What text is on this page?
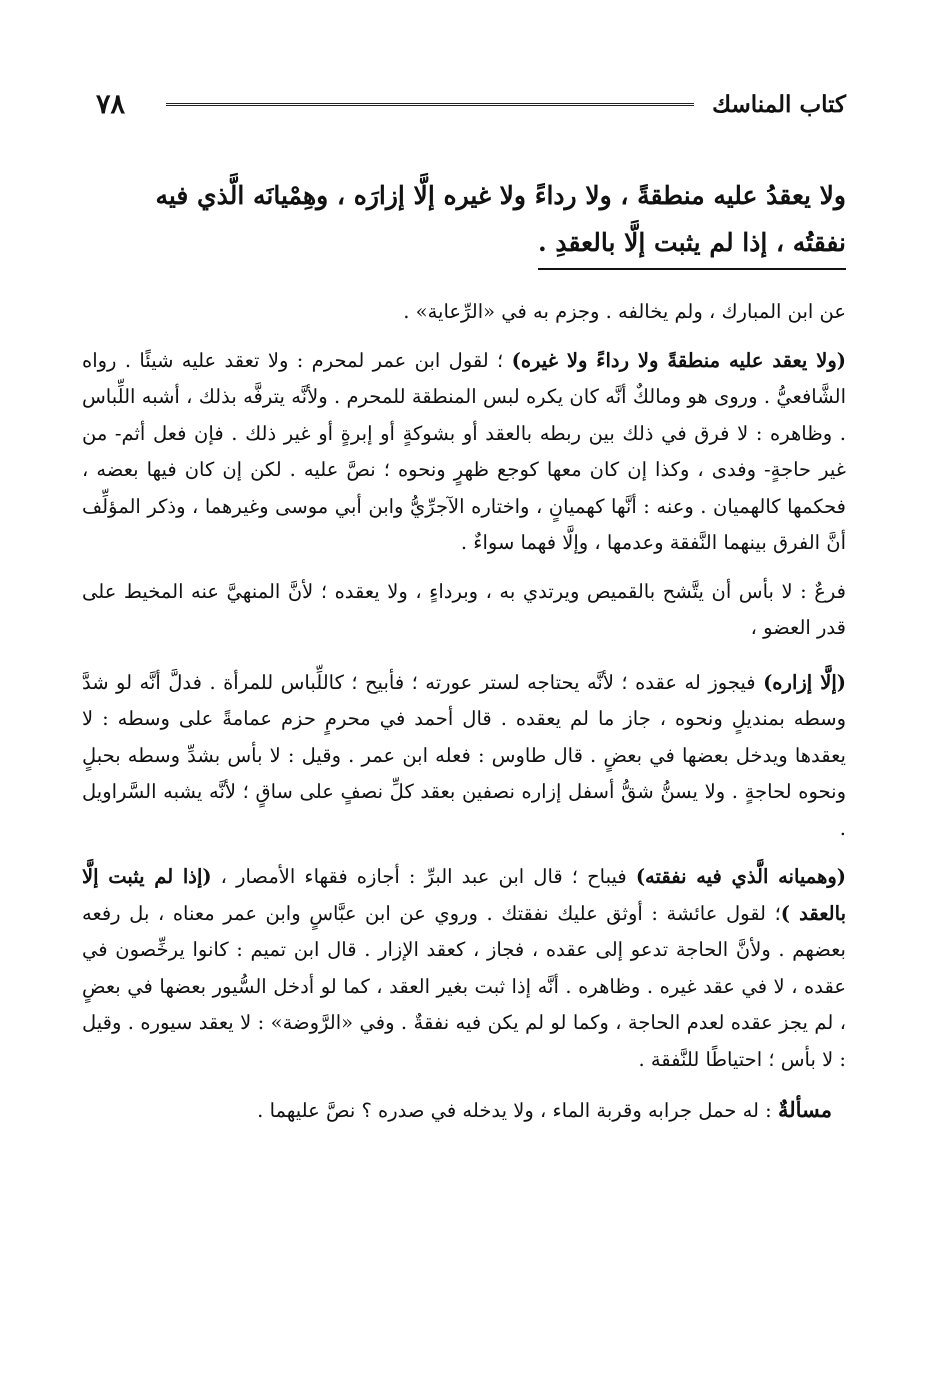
٧٨	كتاب المناسك

ولا يعقدُ عليه منطقةً ، ولا رداءً ولا غيره إلَّا إزارَه ، وهِمْيانَه الَّذي فيه
نفقتُه ، إذا لم يثبت إلَّا بالعقدِ .

عن ابن المبارك ، ولم يخالفه . وجزم به في «الرِّعاية» .

(ولا يعقد عليه منطقةً ولا رداءً ولا غيره) ؛ لقول ابن عمر لمحرم : ولا تعقد عليه شيئًا . رواه الشَّافعيُّ . وروى هو ومالكٌ أنَّه كان يكره لبس المنطقة للمحرم . ولأنَّه يترفَّه بذلك ، أشبه اللِّباس . وظاهره : لا فرق في ذلك بين ربطه بالعقد أو بشوكةٍ أو إبرةٍ أو غير ذلك . فإن فعل أثم- من غير حاجةٍ- وفدى ، وكذا إن كان معها كوجع ظهرٍ ونحوه ؛ نصَّ عليه . لكن إن كان فيها بعضه ، فحكمها كالهميان . وعنه : أنَّها كهميانٍ ، واختاره الآجرِّيُّ وابن أبي موسى وغيرهما ، وذكر المؤلِّف أنَّ الفرق بينهما النَّفقة وعدمها ، وإلَّا فهما سواءٌ .

فرعٌ : لا بأس أن يتَّشح بالقميص ويرتدي به ، وبرداءٍ ، ولا يعقده ؛ لأنَّ المنهيَّ عنه المخيط على قدر العضو ،

(إلَّا إزاره) فيجوز له عقده ؛ لأنَّه يحتاجه لستر عورته ؛ فأبيح ؛ كاللِّباس للمرأة . فدلَّ أنَّه لو شدَّ وسطه بمنديلٍ ونحوه ، جاز ما لم يعقده . قال أحمد في محرمٍ حزم عمامةً على وسطه : لا يعقدها ويدخل بعضها في بعضٍ . قال طاوس : فعله ابن عمر . وقيل : لا بأس بشدِّ وسطه بحبلٍ ونحوه لحاجةٍ . ولا يسنُّ شقُّ أسفل إزاره نصفين بعقد كلِّ نصفٍ على ساقٍ ؛ لأنَّه يشبه السَّراويل .

(وهميانه الَّذي فيه نفقته) فيباح ؛ قال ابن عبد البرِّ : أجازه فقهاء الأمصار ، (إذا لم يثبت إلَّا بالعقد )؛ لقول عائشة : أوثق عليك نفقتك . وروي عن ابن عبَّاسٍ وابن عمر معناه ، بل رفعه بعضهم . ولأنَّ الحاجة تدعو إلى عقده ، فجاز ، كعقد الإزار . قال ابن تميم : كانوا يرخِّصون في عقده ، لا في عقد غيره . وظاهره . أنَّه إذا ثبت بغير العقد ، كما لو أدخل السُّيور بعضها في بعضٍ ، لم يجز عقده لعدم الحاجة ، وكما لو لم يكن فيه نفقةٌ . وفي «الرَّوضة» : لا يعقد سيوره . وقيل : لا بأس ؛ احتياطًا للنَّفقة .

مسألةٌ : له حمل جرابه وقربة الماء ، ولا يدخله في صدره ؟ نصَّ عليهما .
